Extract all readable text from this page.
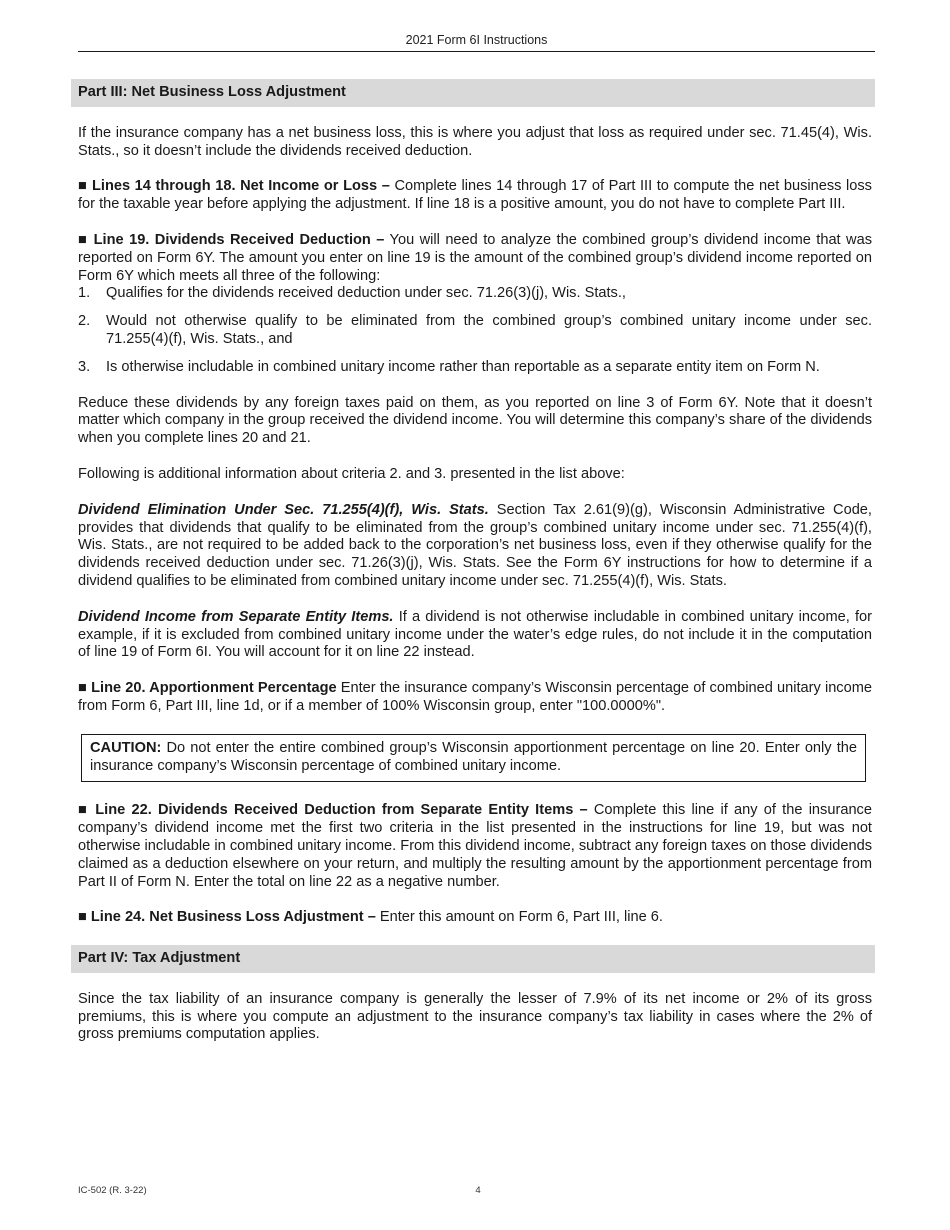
2021 Form 6I Instructions
Part III: Net Business Loss Adjustment

If the insurance company has a net business loss, this is where you adjust that loss as required under sec. 71.45(4), Wis. Stats., so it doesn’t include the dividends received deduction.

■ Lines 14 through 18. Net Income or Loss – Complete lines 14 through 17 of Part III to compute the net business loss for the taxable year before applying the adjustment. If line 18 is a positive amount, you do not have to complete Part III.

■ Line 19. Dividends Received Deduction – You will need to analyze the combined group’s dividend income that was reported on Form 6Y. The amount you enter on line 19 is the amount of the combined group’s dividend income reported on Form 6Y which meets all three of the following:

1.	Qualifies for the dividends received deduction under sec. 71.26(3)(j), Wis. Stats.,
2.	Would not otherwise qualify to be eliminated from the combined group’s combined unitary income under sec. 71.255(4)(f), Wis. Stats., and
3.	Is otherwise includable in combined unitary income rather than reportable as a separate entity item on Form N.

Reduce these dividends by any foreign taxes paid on them, as you reported on line 3 of Form 6Y. Note that it doesn’t matter which company in the group received the dividend income. You will determine this company’s share of the dividends when you complete lines 20 and 21.

Following is additional information about criteria 2. and 3. presented in the list above:

Dividend Elimination Under Sec. 71.255(4)(f), Wis. Stats. Section Tax 2.61(9)(g), Wisconsin Administrative Code, provides that dividends that qualify to be eliminated from the group’s combined unitary income under sec. 71.255(4)(f), Wis. Stats., are not required to be added back to the corporation’s net business loss, even if they otherwise qualify for the dividends received deduction under sec. 71.26(3)(j), Wis. Stats. See the Form 6Y instructions for how to determine if a dividend qualifies to be eliminated from combined unitary income under sec. 71.255(4)(f), Wis. Stats.

Dividend Income from Separate Entity Items. If a dividend is not otherwise includable in combined unitary income, for example, if it is excluded from combined unitary income under the water’s edge rules, do not include it in the computation of line 19 of Form 6I. You will account for it on line 22 instead.

■ Line 20. Apportionment Percentage Enter the insurance company’s Wisconsin percentage of combined unitary income from Form 6, Part III, line 1d, or if a member of 100% Wisconsin group, enter "100.0000%".

CAUTION: Do not enter the entire combined group’s Wisconsin apportionment percentage on line 20. Enter only the insurance company’s Wisconsin percentage of combined unitary income.

■ Line 22. Dividends Received Deduction from Separate Entity Items – Complete this line if any of the insurance company’s dividend income met the first two criteria in the list presented in the instructions for line 19, but was not otherwise includable in combined unitary income. From this dividend income, subtract any foreign taxes on those dividends claimed as a deduction elsewhere on your return, and multiply the resulting amount by the apportionment percentage from Part II of Form N. Enter the total on line 22 as a negative number.

■ Line 24. Net Business Loss Adjustment – Enter this amount on Form 6, Part III, line 6.

Part IV: Tax Adjustment

Since the tax liability of an insurance company is generally the lesser of 7.9% of its net income or 2% of its gross premiums, this is where you compute an adjustment to the insurance company’s tax liability in cases where the 2% of gross premiums computation applies.

IC-502 (R. 3-22)	4
